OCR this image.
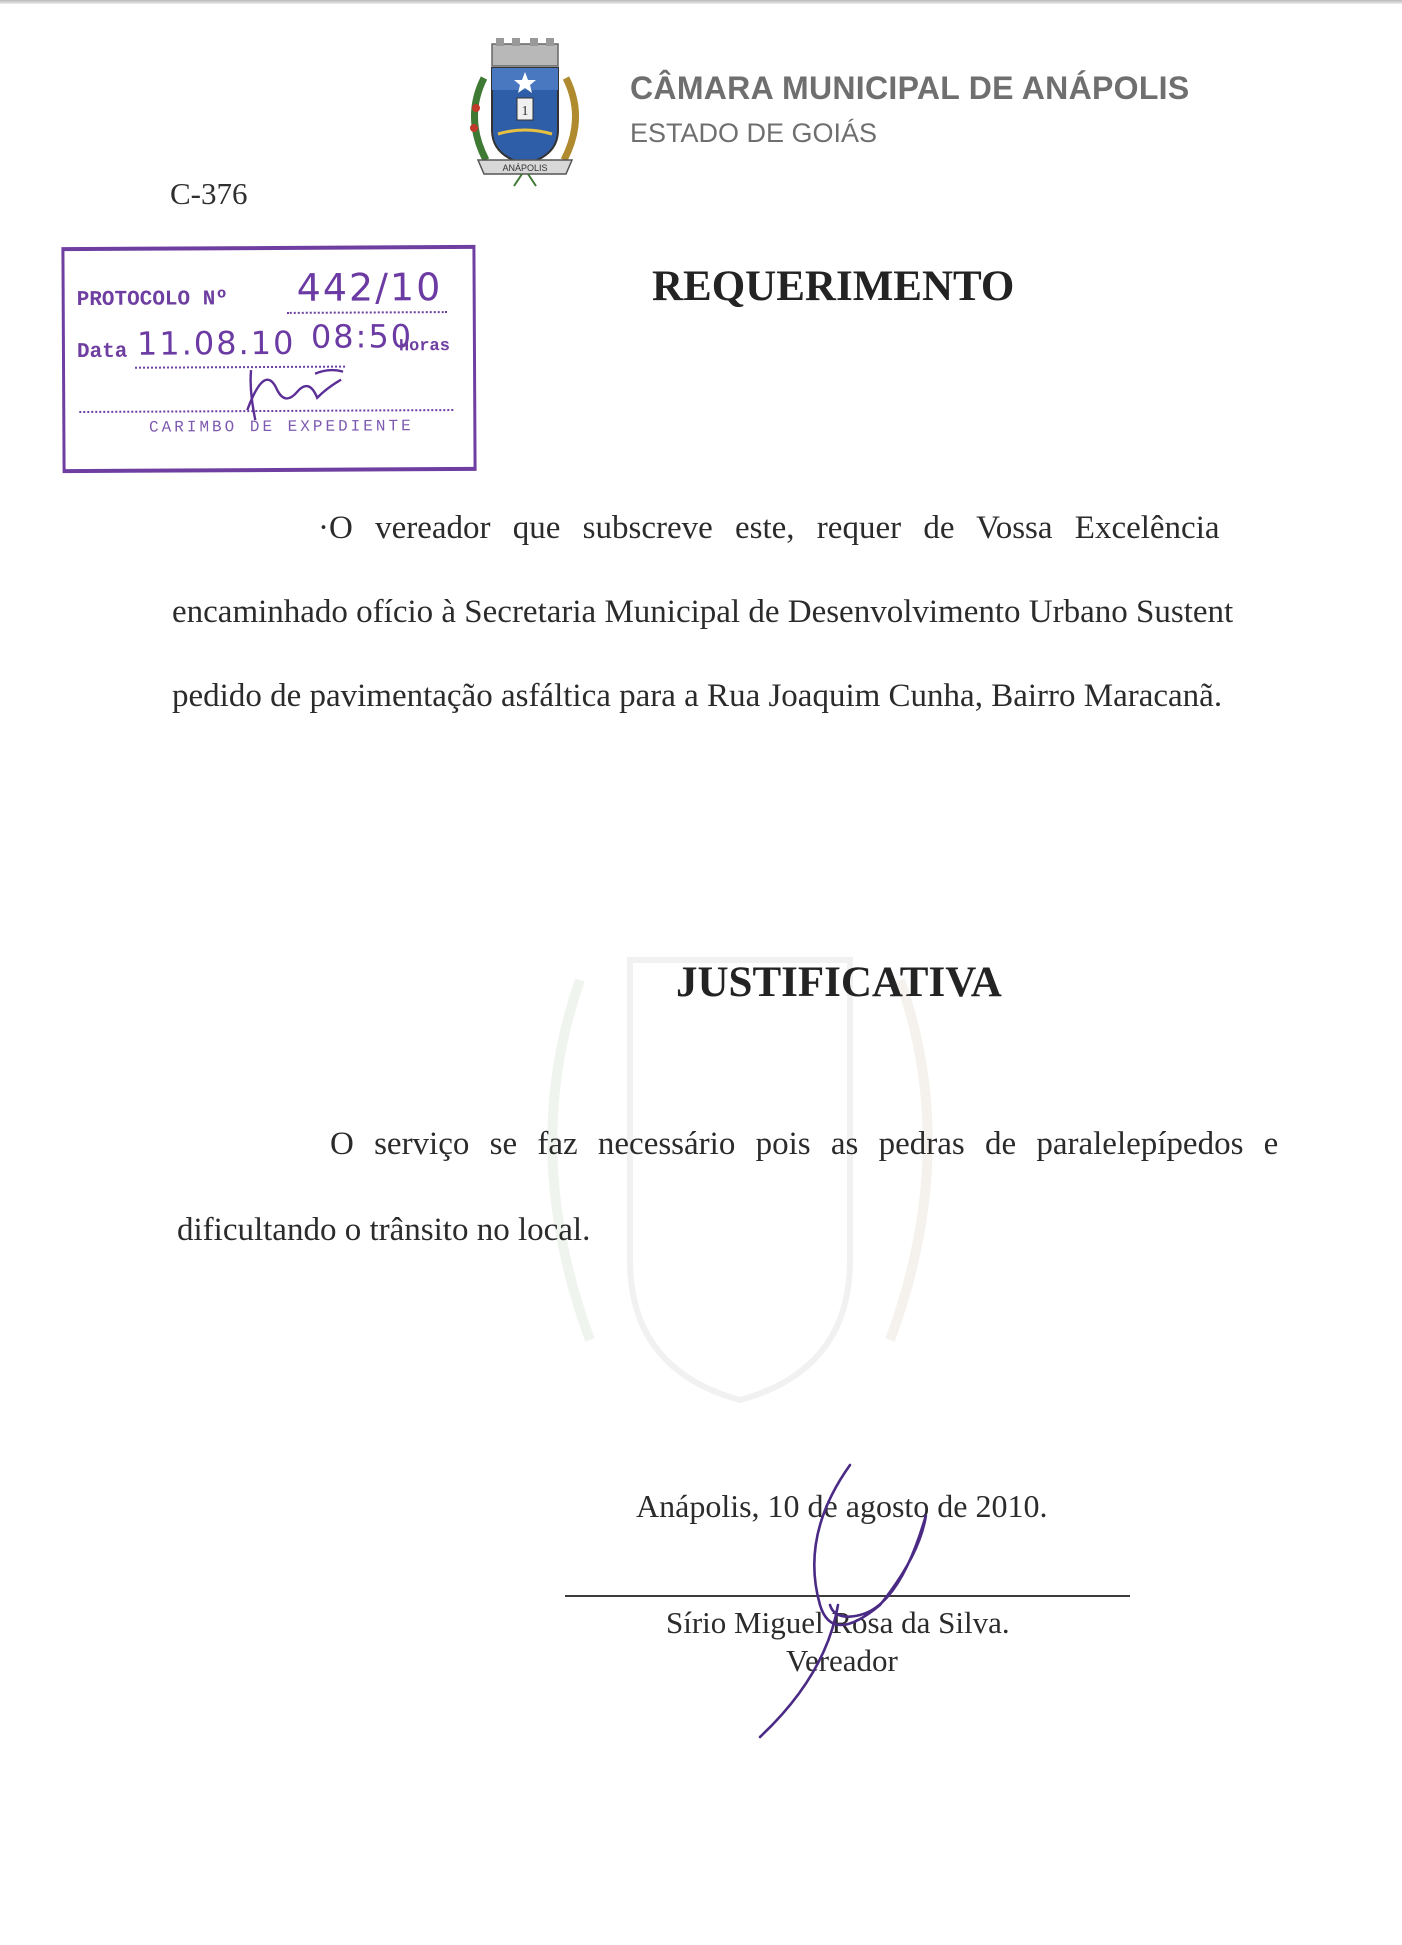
1
ANÁPOLIS
CÂMARA MUNICIPAL DE ANÁPOLIS
ESTADO DE GOIÁS
C-376
PROTOCOLO Nº 442/10
Data 11.08.10 08:50
Horas
CARIMBO DE EXPEDIENTE
REQUERIMENTO
·O vereador que subscreve este, requer de Vossa Excelência
encaminhado ofício à Secretaria Municipal de Desenvolvimento Urbano Sustent
pedido de pavimentação asfáltica para a Rua Joaquim Cunha, Bairro Maracanã.
JUSTIFICATIVA
O serviço se faz necessário pois as pedras de paralelepípedos e
dificultando o trânsito no local.
Anápolis, 10 de agosto de 2010.
Sírio Miguel Rosa da Silva.
Vereador
